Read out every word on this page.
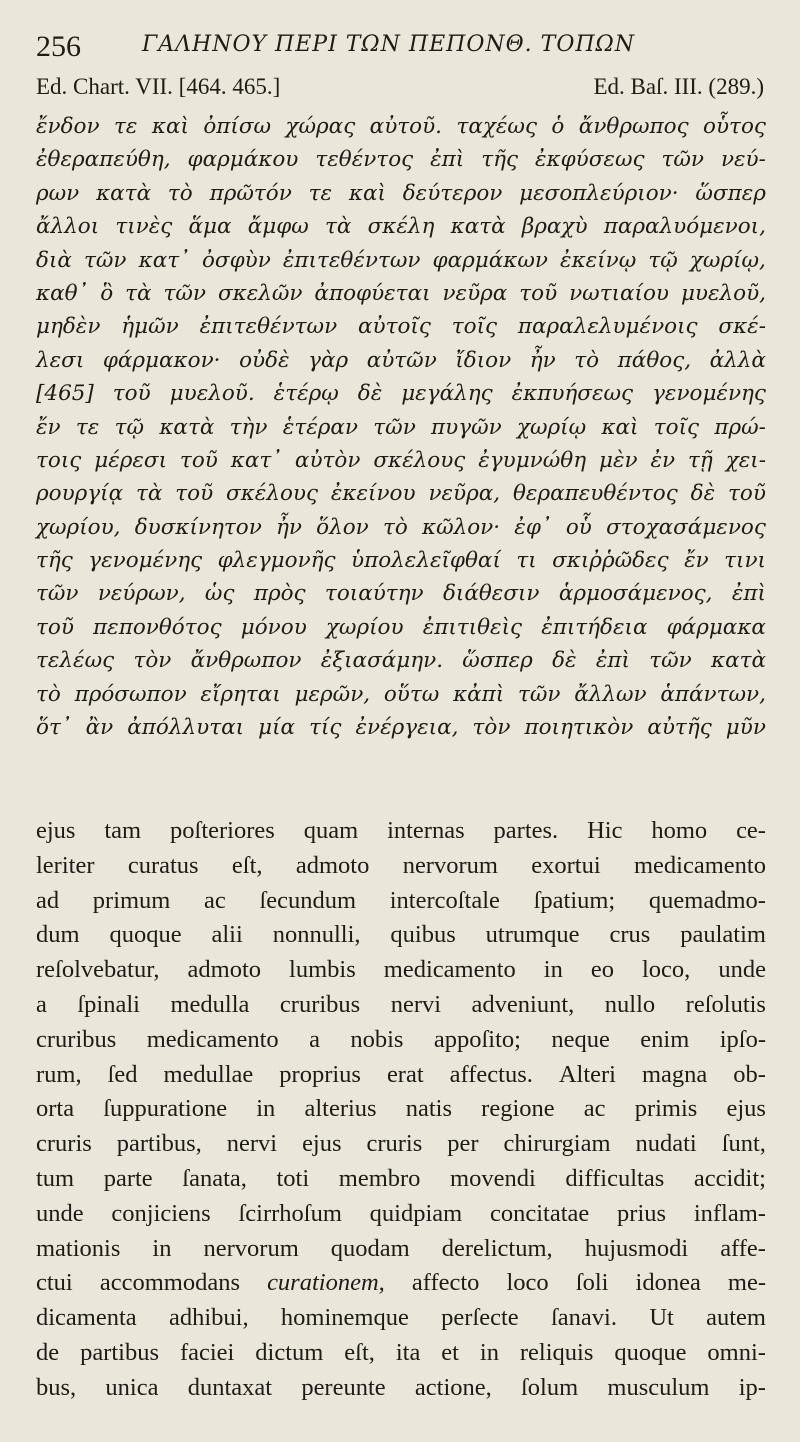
256	ΓΑΛΗΝΟΥ ΠΕΡΙ ΤΩΝ ΠΕΠΟΝΘ. ΤΟΠΩΝ
Ed. Chart. VII. [464. 465.]	Ed. Baſ. III. (289.)
ἔνδον τε καὶ ὀπίσω χώρας αὐτοῦ. ταχέως ὁ ἄνθρωπος οὗτος
ἐθεραπεύθη, φαρμάκου τεθέντος ἐπὶ τῆς ἐκφύσεως τῶν νεύ-
ρων κατὰ τὸ πρῶτόν τε καὶ δεύτερον μεσοπλεύριον· ὥσπερ
ἄλλοι τινὲς ἅμα ἄμφω τὰ σκέλη κατὰ βραχὺ παραλυόμενοι,
διὰ τῶν κατ᾽ ὀσφὺν ἐπιτεθέντων φαρμάκων ἐκείνῳ τῷ χωρίῳ,
καθ᾽ ὃ τὰ τῶν σκελῶν ἀποφύεται νεῦρα τοῦ νωτιαίου μυελοῦ,
μηδὲν ἡμῶν ἐπιτεθέντων αὐτοῖς τοῖς παραλελυμένοις σκέ-
λεσι φάρμακον· οὐδὲ γὰρ αὐτῶν ἴδιον ἦν τὸ πάθος, ἀλλὰ
[465] τοῦ μυελοῦ. ἑτέρῳ δὲ μεγάλης ἐκπυήσεως γενομένης
ἔν τε τῷ κατὰ τὴν ἑτέραν τῶν πυγῶν χωρίῳ καὶ τοῖς πρώ-
τοις μέρεσι τοῦ κατ᾽ αὐτὸν σκέλους ἐγυμνώθη μὲν ἐν τῇ χει-
ρουργίᾳ τὰ τοῦ σκέλους ἐκείνου νεῦρα, θεραπευθέντος δὲ τοῦ
χωρίου, δυσκίνητον ἦν ὅλον τὸ κῶλον· ἐφ᾽ οὗ στοχασάμενος
τῆς γενομένης φλεγμονῆς ὑπολελεῖφθαί τι σκιῤῥῶδες ἔν τινι
τῶν νεύρων, ὡς πρὸς τοιαύτην διάθεσιν ἁρμοσάμενος, ἐπὶ
τοῦ πεπονθότος μόνου χωρίου ἐπιτιθεὶς ἐπιτήδεια φάρμακα
τελέως τὸν ἄνθρωπον ἐξιασάμην. ὥσπερ δὲ ἐπὶ τῶν κατὰ
τὸ πρόσωπον εἴρηται μερῶν, οὕτω κἀπὶ τῶν ἄλλων ἁπάντων,
ὅτ᾽ ἂν ἀπόλλυται μία τίς ἐνέργεια, τὸν ποιητικὸν αὐτῆς μῦν
ejus tam poſteriores quam internas partes. Hic homo ce-
leriter curatus eſt, admoto nervorum exortui medicamento
ad primum ac ſecundum intercoſtale ſpatium; quemadmo-
dum quoque alii nonnulli, quibus utrumque crus paulatim
reſolvebatur, admoto lumbis medicamento in eo loco, unde
a ſpinali medulla cruribus nervi adveniunt, nullo reſolutis
cruribus medicamento a nobis appoſito; neque enim ipſo-
rum, ſed medullae proprius erat affectus. Alteri magna ob-
orta ſuppuratione in alterius natis regione ac primis ejus
cruris partibus, nervi ejus cruris per chirurgiam nudati ſunt,
tum parte ſanata, toti membro movendi difficultas accidit;
unde conjiciens ſcirrhoſum quidpiam concitatae prius inflam-
mationis in nervorum quodam derelictum, hujusmodi affe-
ctui accommodans curationem, affecto loco ſoli idonea me-
dicamenta adhibui, hominemque perſecte ſanavi. Ut autem
de partibus faciei dictum eſt, ita et in reliquis quoque omni-
bus, unica duntaxat pereunte actione, ſolum musculum ip-
